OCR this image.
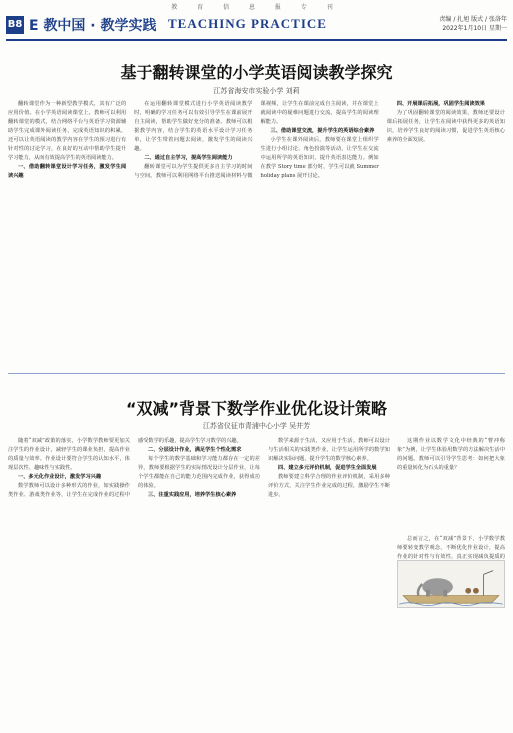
教 育 信 息 报 专 刊
B8 E 教中国 · 教学实践 TEACHING PRACTICE	责编 / 扎旭 版式 / 张洛年
2022年1月10日 星期一
基于翻转课堂的小学英语阅读教学探究
江苏省海安市实验小学 刘莉

翻转课堂作为一种新型教学模式，其有广泛的应用价值。在小学英语阅读课堂上，教师可以利用翻转课堂的模式，结合网络平台与英语学习资源辅助学生完成课外阅读任务，完成英语知识的积累，还可以让英语阅读的教学内容在学生的预习进行有针对性的讨论学习，在良好的互动中帮助学生提升学习能力，从而有效提高学生的英语阅读能力。

一、借助翻转课堂设计学习任务，激发学生阅读兴趣

在运用翻转课堂模式进行小学英语阅读教学时，明确的学习任务可以有效引导学生在课前展开自主阅读，帮助学生做好充分的准备。教师可以根据教学内容，结合学生的英语水平设计学习任务单，让学生带着问题去阅读，激发学生的阅读兴趣。

二、通过自主学习，提高学生阅读能力

翻转课堂可以为学生提供更多自主学习的时间与空间。教师可以利用网络平台推送阅读材料与微课视频，让学生在课前完成自主阅读，并在课堂上就阅读中的疑难问题进行交流，提高学生的阅读理解能力。

三、借助课堂交流，提升学生的英语综合素养

小学生在课外阅读后，教师要在课堂上组织学生进行小组讨论、角色扮演等活动，让学生在交流中运用所学的英语知识，提升英语表达能力。例如在教学 Story time 部分时，学生可以就 Summer holiday plans 展开讨论。

四、开展课后拓展，巩固学生阅读效果

为了巩固翻转课堂的阅读效果，教师还要设计课后拓展任务，让学生在阅读中获得更多的英语知识，培养学生良好的阅读习惯，促进学生英语核心素养的全面发展。

“双减”背景下数学作业优化设计策略
江苏省仪征市青浦中心小学 吴井芳

随着“双减”政策的落实，小学数学教师要更加关注学生的作业设计，减轻学生的课业负担，提高作业的质量与效率。作业设计要符合学生的认知水平，体现层次性、趣味性与实践性。

一、多元化作业设计，激发学习兴趣

数学教师可以设计多种形式的作业，如实践操作类作业、游戏类作业等，让学生在完成作业的过程中感受数学的乐趣，提高学生学习数学的兴趣。

二、分层设计作业，满足学生个性化需求

每个学生的数学基础和学习能力都存在一定的差异，教师要根据学生的实际情况设计分层作业，让每个学生都能在自己的能力范围内完成作业，获得成功的体验。

三、注重实践应用，培养学生核心素养

数学来源于生活，又应用于生活。教师可以设计与生活相关的实践类作业，让学生运用所学的数学知识解决实际问题，提升学生的数学核心素养。

四、建立多元评价机制，促进学生全面发展

教师要建立科学合理的作业评价机制，采用多种评价方式，关注学生作业完成的过程，激励学生不断进步。

这期作业以数学文化中经典的“曹冲称象”为例，让学生体验用数学的方法解决生活中的问题。教师可以引导学生思考：如何把大象的重量转化为石头的重量？

总而言之，在“双减”背景下，小学数学教师要转变教学观念，不断优化作业设计，提高作业的针对性与有效性，真正实现减负提质的目标，促进学生的全面发展。
